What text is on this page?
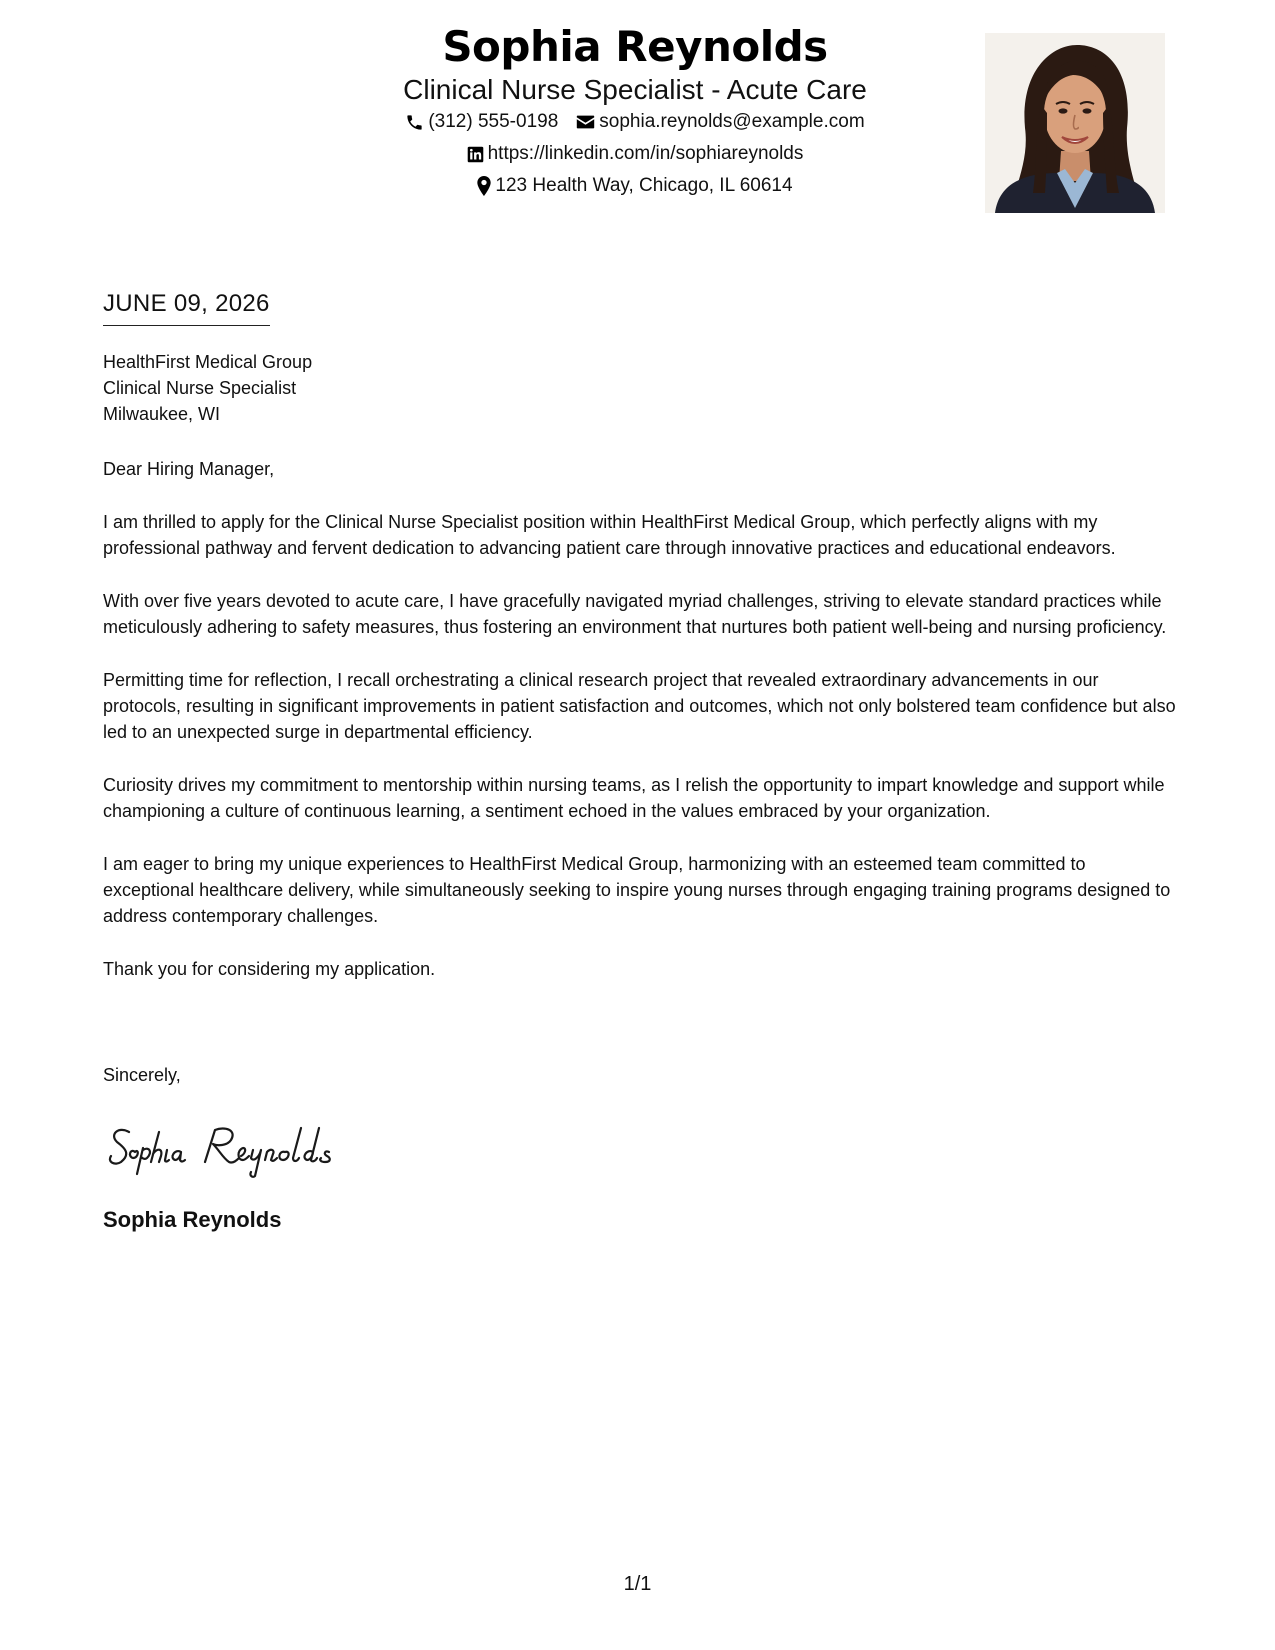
Sophia Reynolds
Clinical Nurse Specialist - Acute Care
(312) 555-0198 sophia.reynolds@example.com
https://linkedin.com/in/sophiareynolds
123 Health Way, Chicago, IL 60614
JUNE 09, 2026
HealthFirst Medical Group
Clinical Nurse Specialist
Milwaukee, WI

Dear Hiring Manager,

I am thrilled to apply for the Clinical Nurse Specialist position within HealthFirst Medical Group, which perfectly aligns with my professional pathway and fervent dedication to advancing patient care through innovative practices and educational endeavors.

With over five years devoted to acute care, I have gracefully navigated myriad challenges, striving to elevate standard practices while meticulously adhering to safety measures, thus fostering an environment that nurtures both patient well-being and nursing proficiency.

Permitting time for reflection, I recall orchestrating a clinical research project that revealed extraordinary advancements in our protocols, resulting in significant improvements in patient satisfaction and outcomes, which not only bolstered team confidence but also led to an unexpected surge in departmental efficiency.

Curiosity drives my commitment to mentorship within nursing teams, as I relish the opportunity to impart knowledge and support while championing a culture of continuous learning, a sentiment echoed in the values embraced by your organization.

I am eager to bring my unique experiences to HealthFirst Medical Group, harmonizing with an esteemed team committed to exceptional healthcare delivery, while simultaneously seeking to inspire young nurses through engaging training programs designed to address contemporary challenges.

Thank you for considering my application.

Sincerely,
Sophia Reynolds
1/1
